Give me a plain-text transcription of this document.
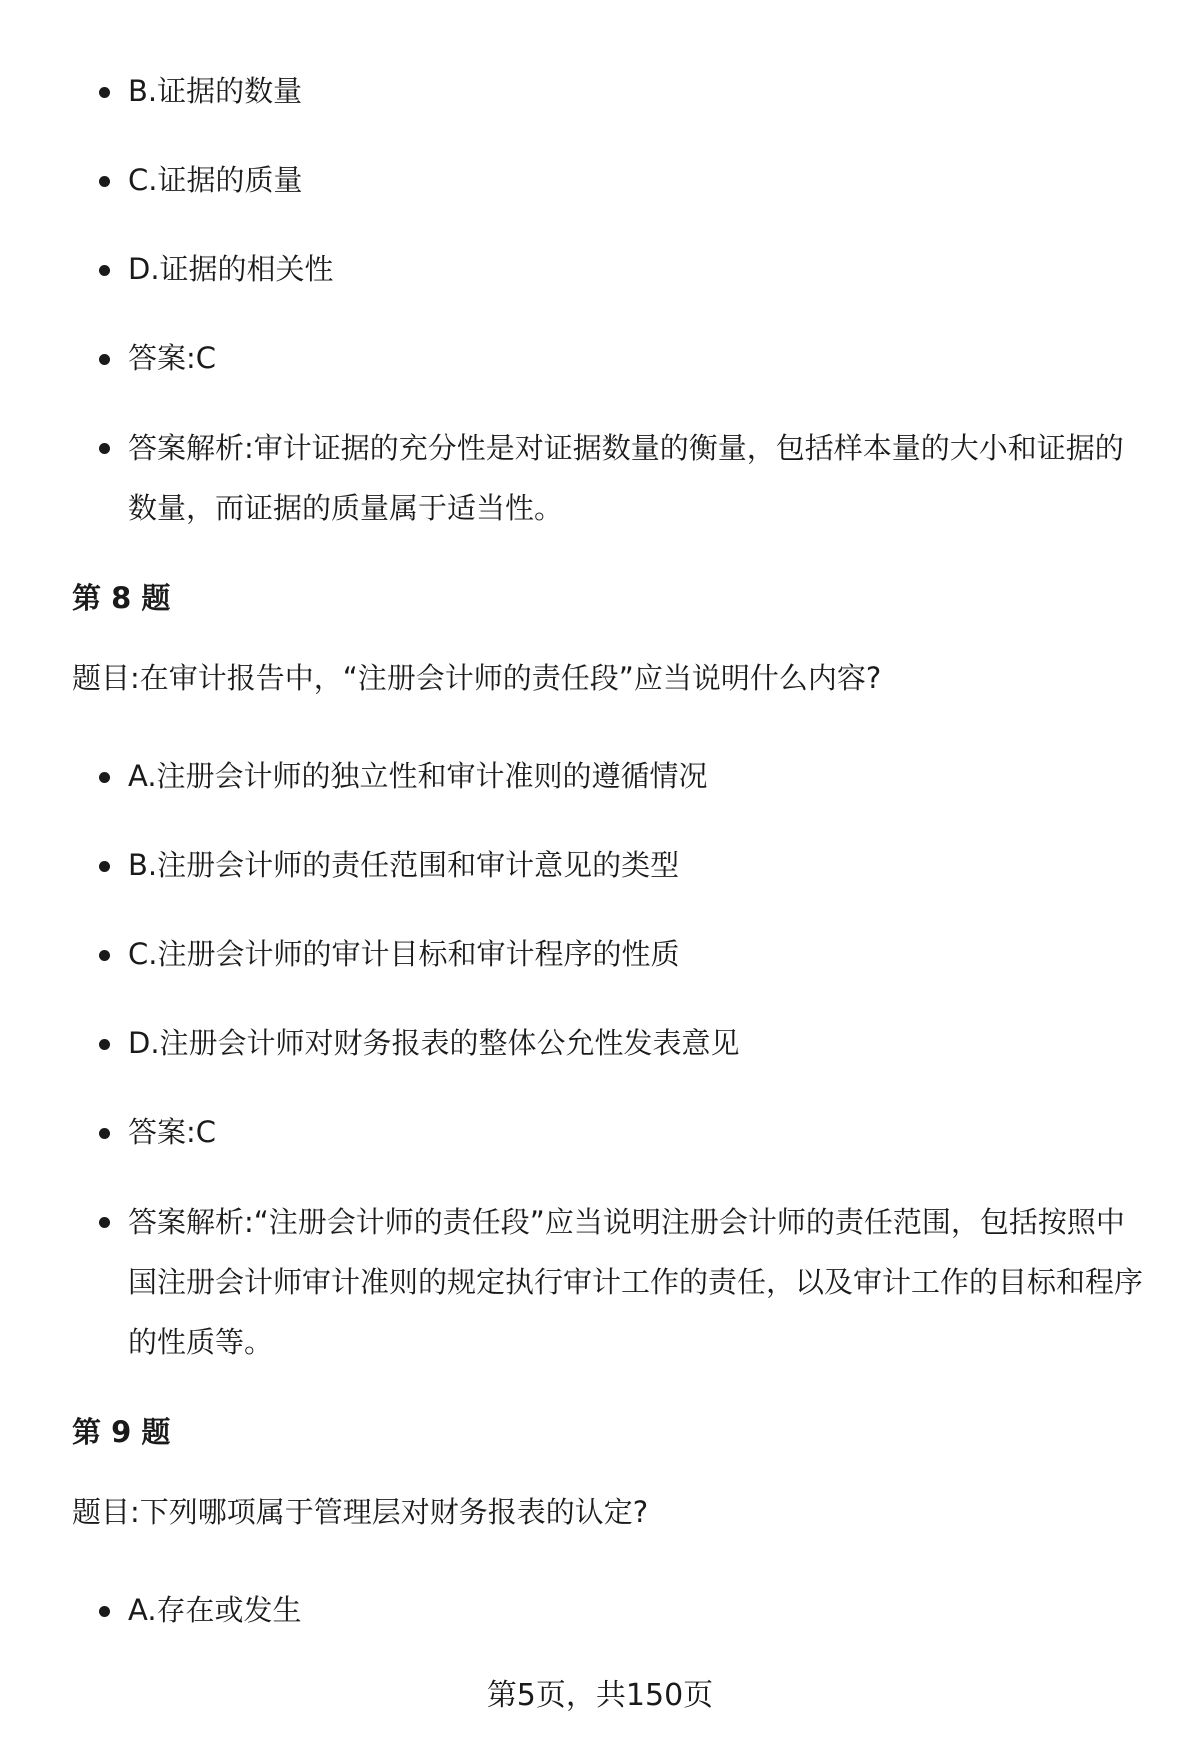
B.证据的数量
C.证据的质量
D.证据的相关性
答案:C
答案解析:审计证据的充分性是对证据数量的衡量，包括样本量的大小和证据的数量，而证据的质量属于适当性。
第 8 题
题目:在审计报告中，“注册会计师的责任段”应当说明什么内容?
A.注册会计师的独立性和审计准则的遵循情况
B.注册会计师的责任范围和审计意见的类型
C.注册会计师的审计目标和审计程序的性质
D.注册会计师对财务报表的整体公允性发表意见
答案:C
答案解析:“注册会计师的责任段”应当说明注册会计师的责任范围，包括按照中国注册会计师审计准则的规定执行审计工作的责任，以及审计工作的目标和程序的性质等。
第 9 题
题目:下列哪项属于管理层对财务报表的认定?
A.存在或发生
第5页，共150页
